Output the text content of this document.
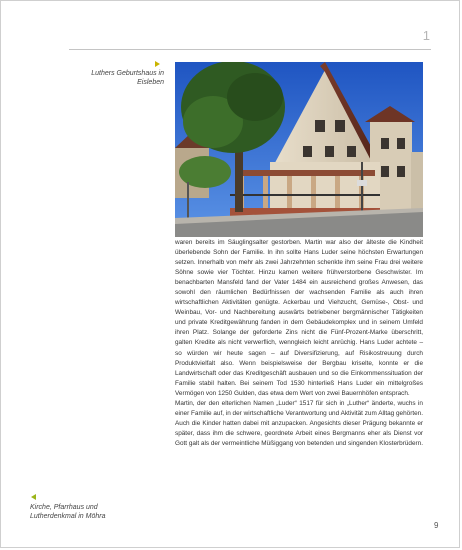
1
Luthers Geburtshaus in Eisleben

waren bereits im Säuglingsalter gestorben. Martin war also der älteste die Kindheit überlebende Sohn der Familie. In ihn sollte Hans Luder seine höchsten Erwartungen setzen. Innerhalb von mehr als zwei Jahrzehnten schenkte ihm seine Frau drei weitere Söhne sowie vier Töchter. Hinzu kamen weitere frühverstorbene Geschwister. Im benachbarten Mansfeld fand der Vater 1484 ein ausreichend großes Anwesen, das sowohl den räumlichen Bedürfnissen der wachsenden Familie als auch ihren wirtschaftlichen Aktivitäten genügte. Ackerbau und Viehzucht, Gemüse-, Obst- und Weinbau, Vor- und Nachbereitung auswärts betriebener bergmännischer Tätigkeiten und private Kreditgewährung fanden in dem Gebäudekomplex und in seinem Umfeld ihren Platz. Solange der geforderte Zins nicht die Fünf-Prozent-Marke überschritt, galten Kredite als nicht verwerflich, wenngleich leicht anrüchig. Hans Luder achtete – so würden wir heute sagen – auf Diversifizierung, auf Risikostreuung durch Produktvielfalt also. Wenn beispielsweise der Bergbau kriselte, konnte er die Landwirtschaft oder das Kreditgeschäft ausbauen und so die Einkommenssituation der Familie stabil halten. Bei seinem Tod 1530 hinterließ Hans Luder ein mittelgroßes Vermögen von 1250 Gulden, das etwa dem Wert von zwei Bauernhöfen entsprach.

Martin, der den elterlichen Namen „Luder“ 1517 für sich in „Luther“ änderte, wuchs in einer Familie auf, in der wirtschaftliche Verantwortung und Aktivität zum Alltag gehörten. Auch die Kinder hatten dabei mit anzupacken. Angesichts dieser Prägung bekannte er später, dass ihm die schwere, geordnete Arbeit eines Bergmanns eher als Dienst vor Gott galt als der vermeintliche Müßiggang von betenden und singenden Klosterbrüdern.

Kirche, Pfarrhaus und Lutherdenkmal in Möhra
9
